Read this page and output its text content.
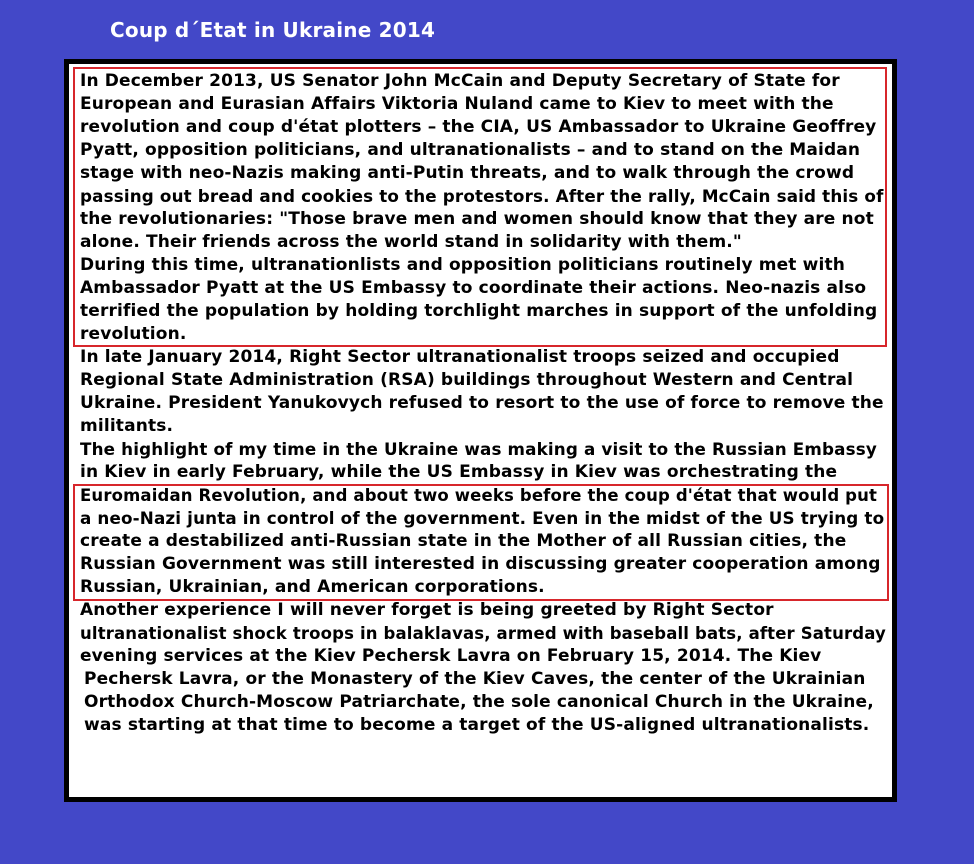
Coup d´Etat in Ukraine 2014
In December 2013, US Senator John McCain and Deputy Secretary of State for
European and Eurasian Affairs Viktoria Nuland came to Kiev to meet with the
revolution and coup d'état plotters – the CIA, US Ambassador to Ukraine Geoffrey
Pyatt, opposition politicians, and ultranationalists – and to stand on the Maidan
stage with neo-Nazis making anti-Putin threats, and to walk through the crowd
passing out bread and cookies to the protestors. After the rally, McCain said this of
the revolutionaries: "Those brave men and women should know that they are not
alone. Their friends across the world stand in solidarity with them."
During this time, ultranationlists and opposition politicians routinely met with
Ambassador Pyatt at the US Embassy to coordinate their actions. Neo-nazis also
terrified the population by holding torchlight marches in support of the unfolding
revolution.
In late January 2014, Right Sector ultranationalist troops seized and occupied
Regional State Administration (RSA) buildings throughout Western and Central
Ukraine. President Yanukovych refused to resort to the use of force to remove the
militants.
The highlight of my time in the Ukraine was making a visit to the Russian Embassy
in Kiev in early February, while the US Embassy in Kiev was orchestrating the
Euromaidan Revolution, and about two weeks before the coup d'état that would put
a neo-Nazi junta in control of the government. Even in the midst of the US trying to
create a destabilized anti-Russian state in the Mother of all Russian cities, the
Russian Government was still interested in discussing greater cooperation among
Russian, Ukrainian, and American corporations.
Another experience I will never forget is being greeted by Right Sector
ultranationalist shock troops in balaklavas, armed with baseball bats, after Saturday
evening services at the Kiev Pechersk Lavra on February 15, 2014. The Kiev
Pechersk Lavra, or the Monastery of the Kiev Caves, the center of the Ukrainian
Orthodox Church-Moscow Patriarchate, the sole canonical Church in the Ukraine,
was starting at that time to become a target of the US-aligned ultranationalists.
